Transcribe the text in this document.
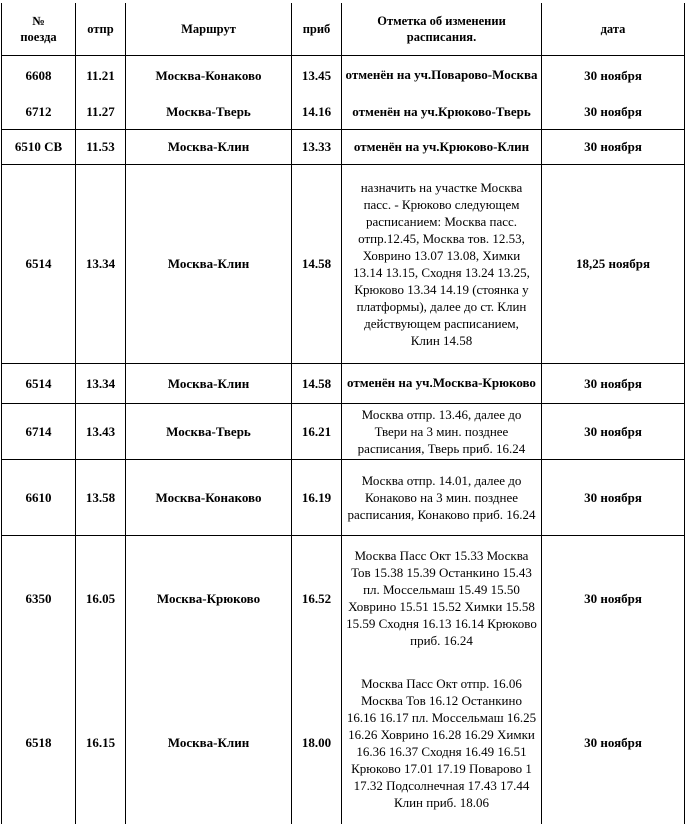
№ поезда	отпр	Маршрут	приб	Отметка об изменении расписания.	дата
6608	11.21	Москва-Конаково	13.45	отменён на уч.Поварово-Москва	30 ноября
6712	11.27	Москва-Тверь	14.16	отменён на уч.Крюково-Тверь	30 ноября
6510 СВ	11.53	Москва-Клин	13.33	отменён на уч.Крюково-Клин	30 ноября
6514	13.34	Москва-Клин	14.58	назначить на участке Москва пасс. - Крюково следующем расписанием: Москва пасс. отпр.12.45, Москва тов. 12.53, Ховрино 13.07 13.08, Химки 13.14 13.15, Сходня 13.24 13.25, Крюково 13.34 14.19 (стоянка у платформы), далее до ст. Клин действующем расписанием, Клин 14.58	18,25 ноября
6514	13.34	Москва-Клин	14.58	отменён на уч.Москва-Крюково	30 ноября
6714	13.43	Москва-Тверь	16.21	Москва отпр. 13.46, далее до Твери на 3 мин. позднее расписания, Тверь приб. 16.24	30 ноября
6610	13.58	Москва-Конаково	16.19	Москва отпр. 14.01, далее до Конаково на 3 мин. позднее расписания, Конаково приб. 16.24	30 ноября
6350	16.05	Москва-Крюково	16.52	Москва Пасс Окт 15.33 Москва Тов 15.38 15.39 Останкино 15.43 пл. Моссельмаш 15.49 15.50 Ховрино 15.51 15.52 Химки 15.58 15.59 Сходня 16.13 16.14 Крюково приб. 16.24	30 ноября
6518	16.15	Москва-Клин	18.00	Москва Пасс Окт отпр. 16.06 Москва Тов 16.12 Останкино 16.16 16.17 пл. Моссельмаш 16.25 16.26 Ховрино 16.28 16.29 Химки 16.36 16.37 Сходня 16.49 16.51 Крюково 17.01 17.19 Поварово 1 17.32 Подсолнечная 17.43 17.44 Клин приб. 18.06	30 ноября
